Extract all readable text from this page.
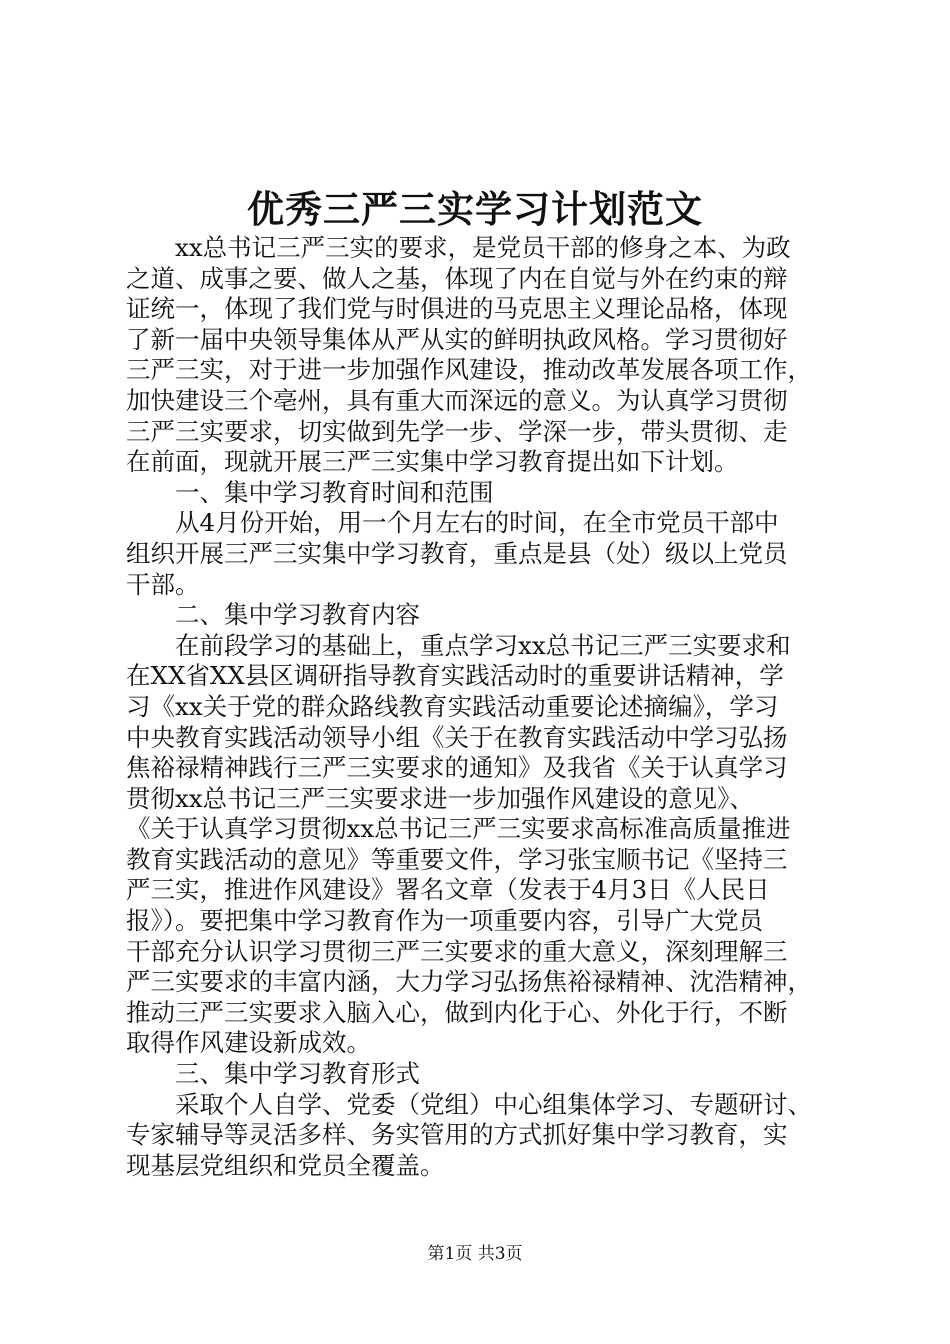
优秀三严三实学习计划范文
　　xx总书记三严三实的要求，是党员干部的修身之本、为政
之道、成事之要、做人之基，体现了内在自觉与外在约束的辩
证统一，体现了我们党与时俱进的马克思主义理论品格，体现
了新一届中央领导集体从严从实的鲜明执政风格。学习贯彻好
三严三实，对于进一步加强作风建设，推动改革发展各项工作，
加快建设三个亳州，具有重大而深远的意义。为认真学习贯彻
三严三实要求，切实做到先学一步、学深一步，带头贯彻、走
在前面，现就开展三严三实集中学习教育提出如下计划。
　　一、集中学习教育时间和范围
　　从4月份开始，用一个月左右的时间，在全市党员干部中
组织开展三严三实集中学习教育，重点是县（处）级以上党员
干部。
　　二、集中学习教育内容
　　在前段学习的基础上，重点学习xx总书记三严三实要求和
在XX省XX县区调研指导教育实践活动时的重要讲话精神，学
习《xx关于党的群众路线教育实践活动重要论述摘编》，学习
中央教育实践活动领导小组《关于在教育实践活动中学习弘扬
焦裕禄精神践行三严三实要求的通知》及我省《关于认真学习
贯彻xx总书记三严三实要求进一步加强作风建设的意见》、
《关于认真学习贯彻xx总书记三严三实要求高标准高质量推进
教育实践活动的意见》等重要文件，学习张宝顺书记《坚持三
严三实，推进作风建设》署名文章（发表于4月3日《人民日
报》）。要把集中学习教育作为一项重要内容，引导广大党员
干部充分认识学习贯彻三严三实要求的重大意义，深刻理解三
严三实要求的丰富内涵，大力学习弘扬焦裕禄精神、沈浩精神，
推动三严三实要求入脑入心，做到内化于心、外化于行，不断
取得作风建设新成效。
　　三、集中学习教育形式
　　采取个人自学、党委（党组）中心组集体学习、专题研讨、
专家辅导等灵活多样、务实管用的方式抓好集中学习教育，实
现基层党组织和党员全覆盖。
第1页 共3页
